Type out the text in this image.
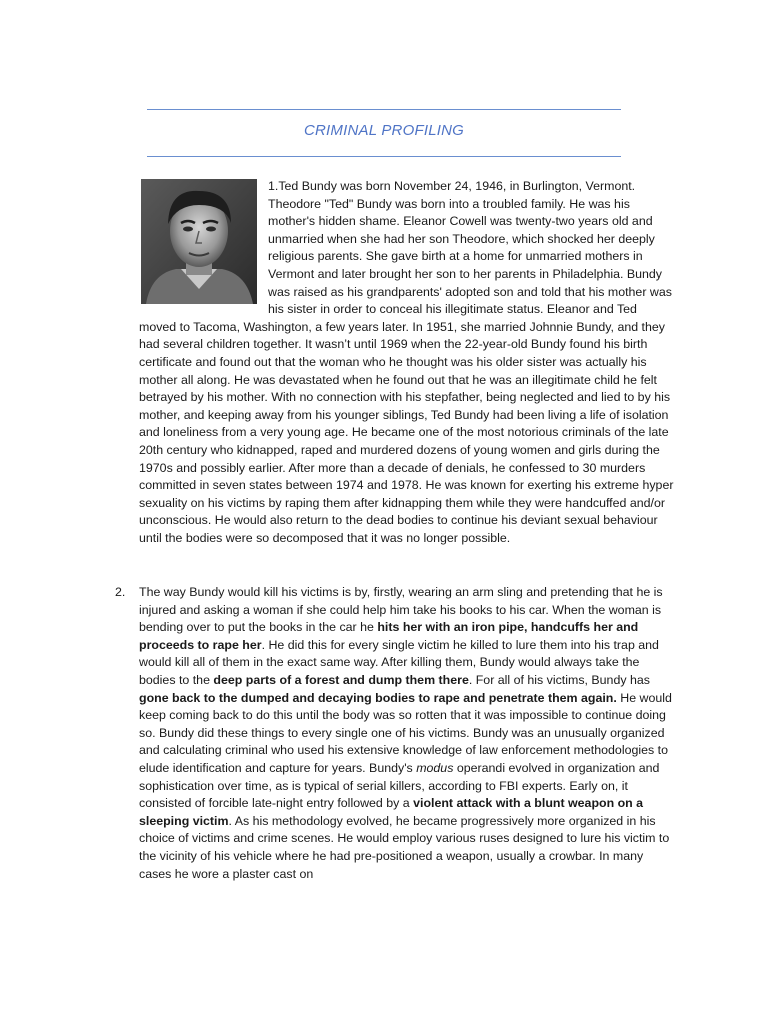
CRIMINAL PROFILING
1.Ted Bundy was born November 24, 1946, in Burlington, Vermont. Theodore "Ted" Bundy was born into a troubled family. He was his mother's hidden shame. Eleanor Cowell was twenty-two years old and unmarried when she had her son Theodore, which shocked her deeply religious parents. She gave birth at a home for unmarried mothers in Vermont and later brought her son to her parents in Philadelphia. Bundy was raised as his grandparents' adopted son and told that his mother was his sister in order to conceal his illegitimate status. Eleanor and Ted moved to Tacoma, Washington, a few years later. In 1951, she married Johnnie Bundy, and they had several children together. It wasn’t until 1969 when the 22-year-old Bundy found his birth certificate and found out that the woman who he thought was his older sister was actually his mother all along. He was devastated when he found out that he was an illegitimate child he felt betrayed by his mother. With no connection with his stepfather, being neglected and lied to by his mother, and keeping away from his younger siblings, Ted Bundy had been living a life of isolation and loneliness from a very young age. He became one of the most notorious criminals of the late 20th century who kidnapped, raped and murdered dozens of young women and girls during the 1970s and possibly earlier. After more than a decade of denials, he confessed to 30 murders committed in seven states between 1974 and 1978. He was known for exerting his extreme hyper sexuality on his victims by raping them after kidnapping them while they were handcuffed and/or unconscious. He would also return to the dead bodies to continue his deviant sexual behaviour until the bodies were so decomposed that it was no longer possible.
2. The way Bundy would kill his victims is by, firstly, wearing an arm sling and pretending that he is injured and asking a woman if she could help him take his books to his car. When the woman is bending over to put the books in the car he hits her with an iron pipe, handcuffs her and proceeds to rape her. He did this for every single victim he killed to lure them into his trap and would kill all of them in the exact same way. After killing them, Bundy would always take the bodies to the deep parts of a forest and dump them there. For all of his victims, Bundy has gone back to the dumped and decaying bodies to rape and penetrate them again. He would keep coming back to do this until the body was so rotten that it was impossible to continue doing so. Bundy did these things to every single one of his victims. Bundy was an unusually organized and calculating criminal who used his extensive knowledge of law enforcement methodologies to elude identification and capture for years. Bundy's modus operandi evolved in organization and sophistication over time, as is typical of serial killers, according to FBI experts. Early on, it consisted of forcible late-night entry followed by a violent attack with a blunt weapon on a sleeping victim. As his methodology evolved, he became progressively more organized in his choice of victims and crime scenes. He would employ various ruses designed to lure his victim to the vicinity of his vehicle where he had pre-positioned a weapon, usually a crowbar. In many cases he wore a plaster cast on
